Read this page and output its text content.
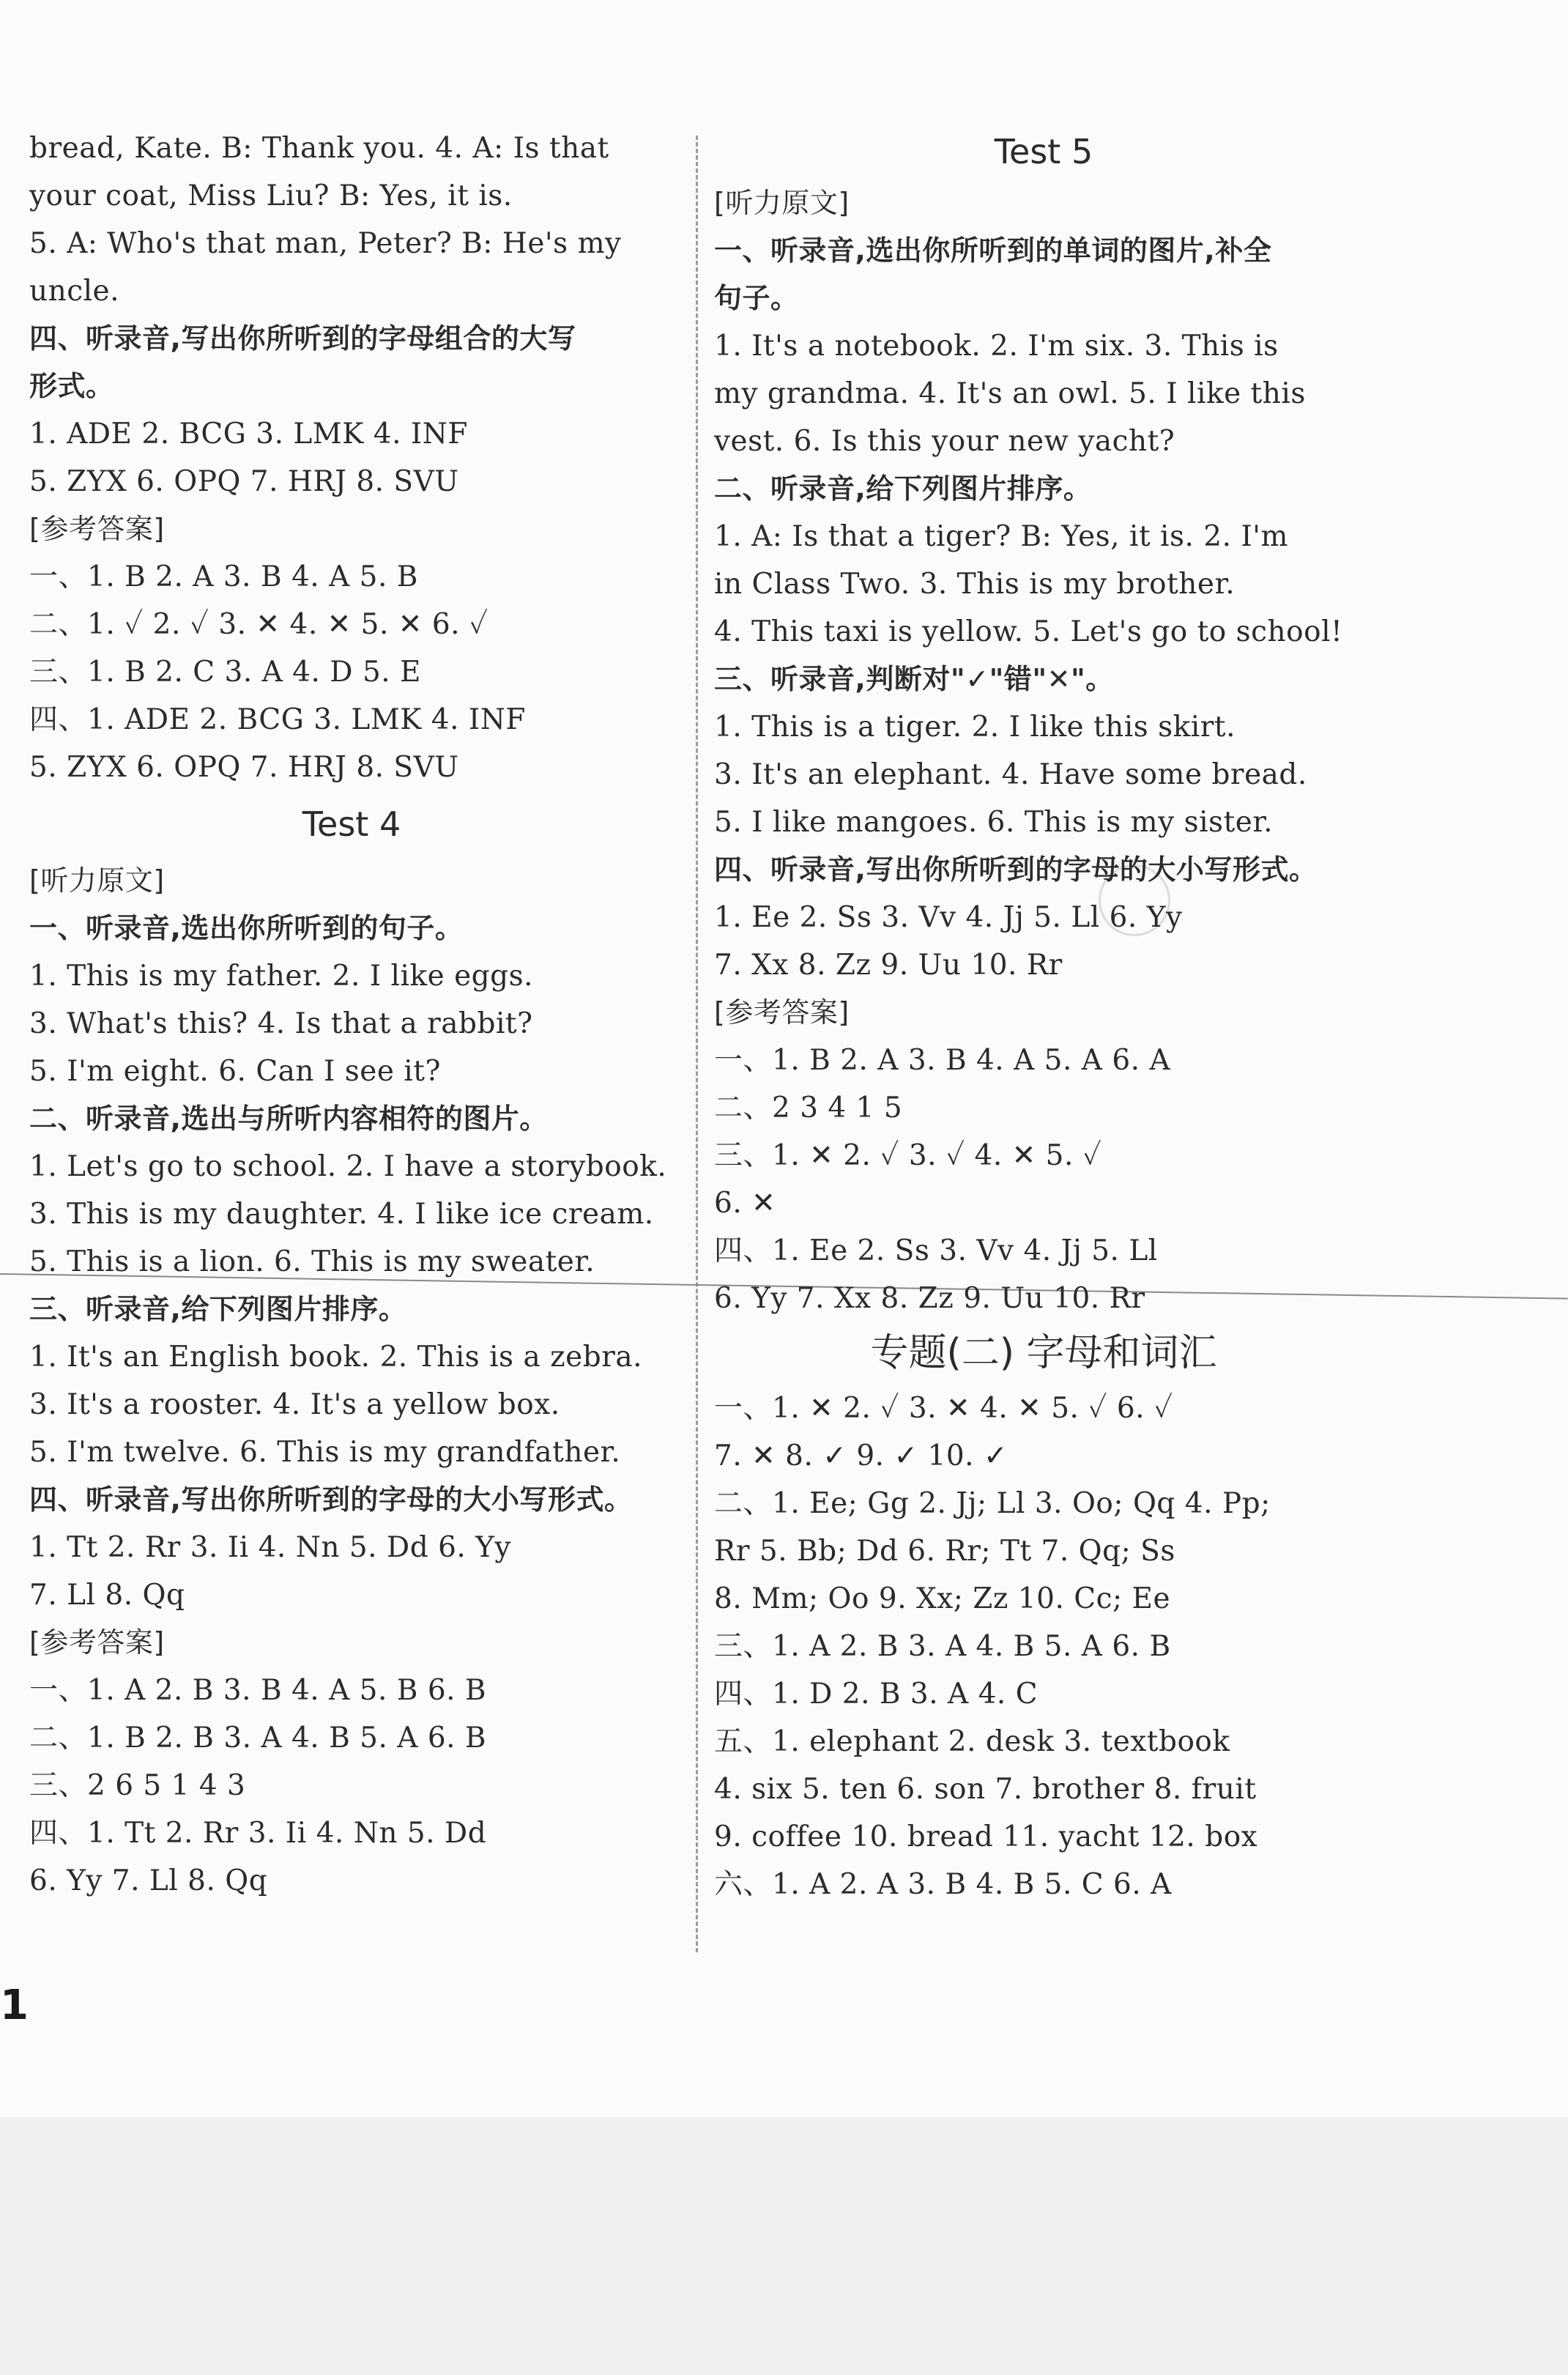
bread, Kate. B: Thank you. 4. A: Is that
your coat, Miss Liu? B: Yes, it is.
5. A: Who's that man, Peter? B: He's my
uncle.
四、听录音,写出你所听到的字母组合的大写
形式。
1. ADE 2. BCG 3. LMK 4. INF
5. ZYX 6. OPQ 7. HRJ 8. SVU
[参考答案]
一、1. B 2. A 3. B 4. A 5. B
二、1. ✓ 2. ✓ 3. ✕ 4. ✕ 5. ✕ 6. ✓
三、1. B 2. C 3. A 4. D 5. E
四、1. ADE 2. BCG 3. LMK 4. INF
5. ZYX 6. OPQ 7. HRJ 8. SVU
Test 4
[听力原文]
一、听录音,选出你所听到的句子。
1. This is my father. 2. I like eggs.
3. What's this? 4. Is that a rabbit?
5. I'm eight. 6. Can I see it?
二、听录音,选出与所听内容相符的图片。
1. Let's go to school. 2. I have a storybook.
3. This is my daughter. 4. I like ice cream.
5. This is a lion. 6. This is my sweater.
三、听录音,给下列图片排序。
1. It's an English book. 2. This is a zebra.
3. It's a rooster. 4. It's a yellow box.
5. I'm twelve. 6. This is my grandfather.
四、听录音,写出你所听到的字母的大小写形式。
1. Tt 2. Rr 3. Ii 4. Nn 5. Dd 6. Yy
7. Ll 8. Qq
[参考答案]
一、1. A 2. B 3. B 4. A 5. B 6. B
二、1. B 2. B 3. A 4. B 5. A 6. B
三、2 6 5 1 4 3
四、1. Tt 2. Rr 3. Ii 4. Nn 5. Dd
6. Yy 7. Ll 8. Qq
Test 5
[听力原文]
一、听录音,选出你所听到的单词的图片,补全
句子。
1. It's a notebook. 2. I'm six. 3. This is
my grandma. 4. It's an owl. 5. I like this
vest. 6. Is this your new yacht?
二、听录音,给下列图片排序。
1. A: Is that a tiger? B: Yes, it is. 2. I'm
in Class Two. 3. This is my brother.
4. This taxi is yellow. 5. Let's go to school!
三、听录音,判断对"✓"错"✕"。
1. This is a tiger. 2. I like this skirt.
3. It's an elephant. 4. Have some bread.
5. I like mangoes. 6. This is my sister.
四、听录音,写出你所听到的字母的大小写形式。
1. Ee 2. Ss 3. Vv 4. Jj 5. Ll 6. Yy
7. Xx 8. Zz 9. Uu 10. Rr
[参考答案]
一、1. B 2. A 3. B 4. A 5. A 6. A
二、2 3 4 1 5
三、1. ✕ 2. ✓ 3. ✓ 4. ✕ 5. ✓
6. ✕
四、1. Ee 2. Ss 3. Vv 4. Jj 5. Ll
6. Yy 7. Xx 8. Zz 9. Uu 10. Rr
专题(二) 字母和词汇
一、1. ✕ 2. ✓ 3. ✕ 4. ✕ 5. ✓ 6. ✓
7. ✕ 8. ✓ 9. ✓ 10. ✓
二、1. Ee; Gg 2. Jj; Ll 3. Oo; Qq 4. Pp;
Rr 5. Bb; Dd 6. Rr; Tt 7. Qq; Ss
8. Mm; Oo 9. Xx; Zz 10. Cc; Ee
三、1. A 2. B 3. A 4. B 5. A 6. B
四、1. D 2. B 3. A 4. C
五、1. elephant 2. desk 3. textbook
4. six 5. ten 6. son 7. brother 8. fruit
9. coffee 10. bread 11. yacht 12. box
六、1. A 2. A 3. B 4. B 5. C 6. A
1
